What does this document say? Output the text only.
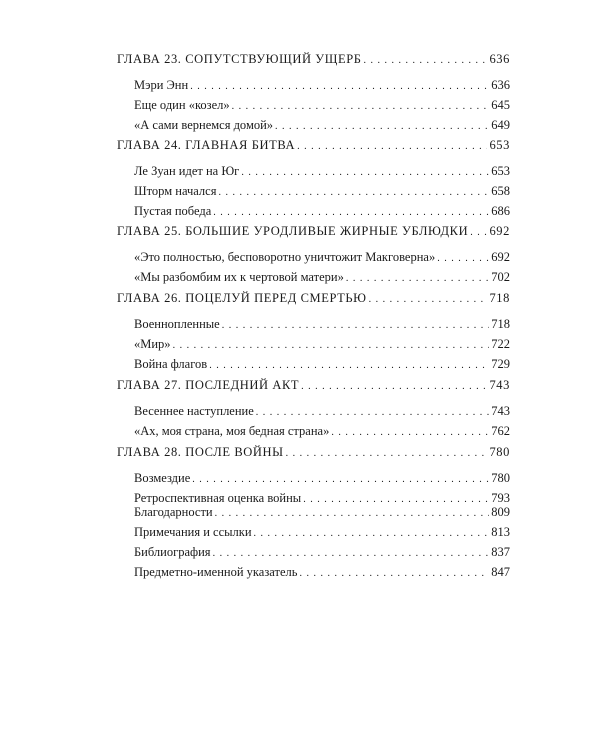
ГЛАВА 23. СОПУТСТВУЮЩИЙ УЩЕРБ . . .	636
Мэри Энн . . .	636
Еще один «козел» . . .	645
«А сами вернемся домой» . . .	649
ГЛАВА 24. ГЛАВНАЯ БИТВА . . .	653
Ле Зуан идет на Юг . . .	653
Шторм начался . . .	658
Пустая победа . . .	686
ГЛАВА 25. БОЛЬШИЕ УРОДЛИВЫЕ ЖИРНЫЕ УБЛЮДКИ . . . 692
«Это полностью, бесповоротно уничтожит Макговерна» . . .	692
«Мы разбомбим их к чертовой матери» . . .	702
ГЛАВА 26. ПОЦЕЛУЙ ПЕРЕД СМЕРТЬЮ . . .	718
Военнопленные . . .	718
«Мир» . . .	722
Война флагов . . .	729
ГЛАВА 27. ПОСЛЕДНИЙ АКТ . . .	743
Весеннее наступление . . .	743
«Ах, моя страна, моя бедная страна» . . .	762
ГЛАВА 28. ПОСЛЕ ВОЙНЫ . . .	780
Возмездие . . .	780
Ретроспективная оценка войны . . .	793
Благодарности . . .	809
Примечания и ссылки . . .	813
Библиография . . .	837
Предметно-именной указатель . . .	847
